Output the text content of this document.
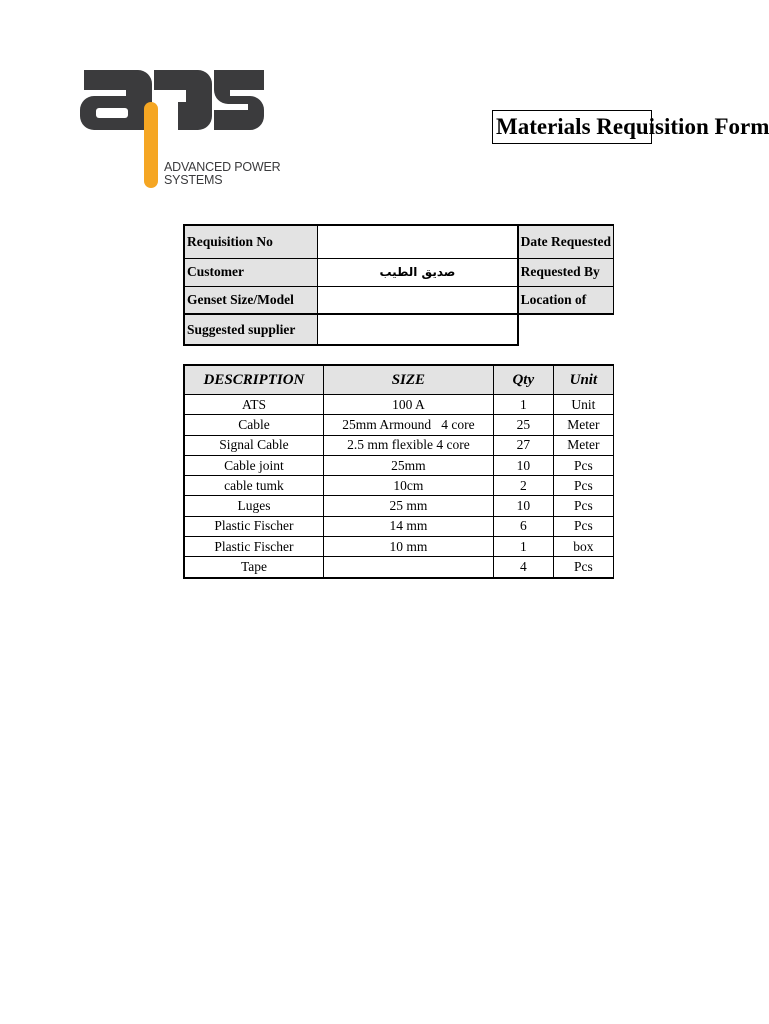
ADVANCED POWER
SYSTEMS
Materials Requisition Form
Requisition No		Date Requested
Customer	صديق الطيب	Requested By
Genset Size/Model		Location of
Suggested supplier		
DESCRIPTION	SIZE	Qty	Unit
ATS	100 A	1	Unit
Cable	25mm Armound   4 core	25	Meter
Signal Cable	2.5 mm flexible 4 core	27	Meter
Cable joint	25mm	10	Pcs
cable tumk	10cm	2	Pcs
Luges	25 mm	10	Pcs
Plastic Fischer	14 mm	6	Pcs
Plastic Fischer	10 mm	1	box
Tape		4	Pcs
